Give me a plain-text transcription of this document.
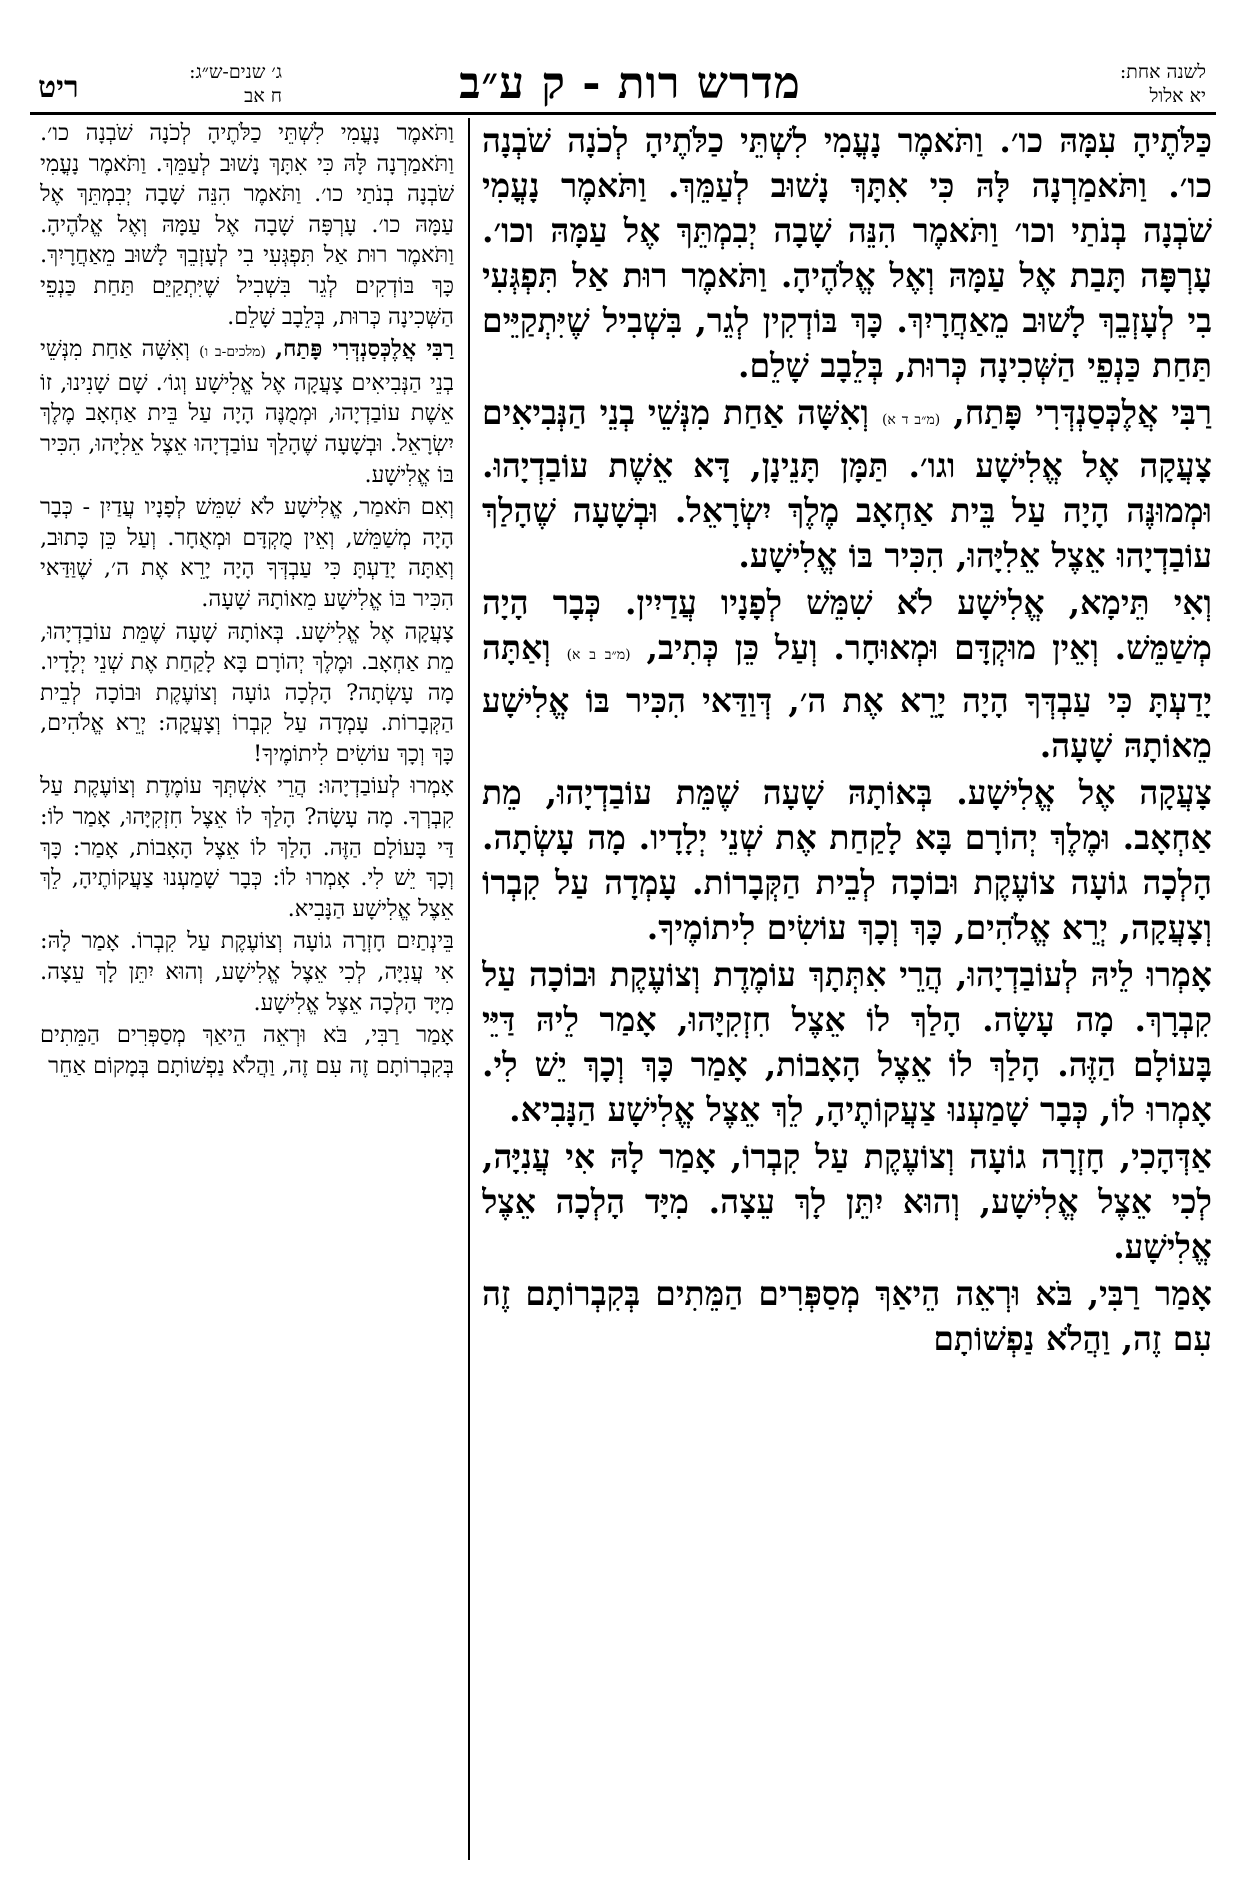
ריט	ג׳ שנים-ש״ג:
ח אב	מדרש רות - ק ע״ב	לשנה אחת:
יא אלול

כַּלֹּתֶיהָ עִמָּהּ כו׳. וַתֹּאמֶר נָעֳמִי לִשְׁתֵּי כַלֹּתֶיהָ לְכֹנָה שֹׁבְנָה כו׳. וַתֹּאמַרְנָה לָּהּ כִּי אִתָּךְ נָשׁוּב לְעַמֵּךְ. וַתֹּאמֶר נָעֳמִי שֹׁבְנָה בְנֹתַי וכו׳ וַתֹּאמֶר הִנֵּה שָׁבָה יְבִמְתֵּךְ אֶל עַמָּהּ וכו׳. עָרְפָּה תָּבַת אֶל עַמָּהּ וְאֶל אֱלֹהֶיהָ. וַתֹּאמֶר רוּת אַל תִּפְגְּעִי בִי לְעָזְבֵךְ לָשׁוּב מֵאַחֲרָיִךְ. כָּךְ בּוֹדְקִין לְגֵר, בִּשְׁבִיל שֶׁיִּתְקַיֵּים תַּחַת כַּנְפֵי הַשְּׁכִינָה כְּרוּת, בְּלֵבָב שָׁלֵם.

רַבִּי אֲלֶכְּסַנְדְּרִי פָּתַח, (מ״ב ד א) וְאִשָּׁה אַחַת מִנְּשֵׁי בְנֵי הַנְּבִיאִים צָעֲקָה אֶל אֱלִישָׁע וגו׳. תַּמָּן תָּנֵינָן, דָּא אֵשֶׁת עוֹבַדְיָהוּ. וּמְמוּנֶּה הָיָה עַל בֵּית אַחְאָב מֶלֶךְ יִשְׂרָאֵל. וּבְשָׁעָה שֶׁהָלַךְ עוֹבַדְיָהוּ אֵצֶל אֵלִיָּהוּ, הִכִּיר בּוֹ אֱלִישָׁע.

וְאִי תֵּימָא, אֱלִישָׁע לֹא שִׁמֵּשׁ לְפָנָיו עֲדַיִין. כְּבָר הָיָה מְשַׁמֵּשׁ. וְאֵין מוּקְדָּם וּמְאוּחָר. וְעַל כֵּן כְּתִיב, (מ״ב ב א) וְאַתָּה יָדַעְתָּ כִּי עַבְדְּךָ הָיָה יָרֵא אֶת ה׳, דְּוַדַּאי הִכִּיר בּוֹ אֱלִישָׁע מֵאוֹתָהּ שָׁעָה.

צָעֲקָה אֶל אֱלִישָׁע. בְּאוֹתָהּ שָׁעָה שֶׁמֵּת עוֹבַדְיָהוּ, מֵת אַחְאָב. וּמֶלֶךְ יְהוֹרָם בָּא לָקַחַת אֶת שְׁנֵי יְלָדָיו. מָה עָשְׂתָה. הָלְכָה גוֹעָה צוֹעֶקֶת וּבוֹכָה לְבֵית הַקְּבָרוֹת. עָמְדָה עַל קִבְרוֹ וְצָעֲקָה, יְרֵא אֱלֹהִים, כָּךְ וְכָךְ עוֹשִׂים לִיתוֹמֶיךָ.

אָמְרוּ לֵיהּ לְעוֹבַדְיָהוּ, הֲרֵי אִתְּתָךְ עוֹמֶדֶת וְצוֹעֶקֶת וּבוֹכָה עַל קִבְרָךְ. מָה עָשָׂה. הָלַךְ לוֹ אֵצֶל חִזְקִיָּהוּ, אָמַר לֵיהּ דַּיֵּי בָּעוֹלָם הַזֶּה. הָלַךְ לוֹ אֵצֶל הָאָבוֹת, אָמַר כָּךְ וְכָךְ יֵשׁ לִי. אָמְרוּ לוֹ, כְּבָר שָׁמַעְנוּ צַעֲקוֹתֶיהָ, לֵךְ אֵצֶל אֱלִישָׁע הַנָּבִיא.

אַדְּהָכִי, חָזְרָה גוֹעָה וְצוֹעֶקֶת עַל קִבְרוֹ, אָמַר לָהּ אִי עֲנִיָּה, לְכִי אֵצֶל אֱלִישָׁע, וְהוּא יִתֵּן לָךְ עֵצָה. מִיָּד הָלְכָה אֵצֶל אֱלִישָׁע.

אָמַר רַבִּי, בֹּא וּרְאֵה הֵיאַךְ מְסַפְּרִים הַמֵּתִים בְּקִבְרוֹתָם זֶה עִם זֶה, וַהֲלֹא נַפְשׁוֹתָם

וַתֹּאמֶר נָעֳמִי לִשְׁתֵּי כַלֹּתֶיהָ לְכֹנָה שֹׁבְנָה כו׳. וַתֹּאמַרְנָה לָּהּ כִּי אִתָּךְ נָשׁוּב לְעַמֵּךְ. וַתֹּאמֶר נָעֳמִי שֹׁבְנָה בְנֹתַי כו׳. וַתֹּאמֶר הִנֵּה שָׁבָה יְבִמְתֵּךְ אֶל עַמָּהּ כו׳. עָרְפָּה שָׁבָה אֶל עַמָּהּ וְאֶל אֱלֹהֶיהָ. וַתֹּאמֶר רוּת אַל תִּפְגְּעִי בִי לְעָזְבֵךְ לָשׁוּב מֵאַחֲרָיִךְ. כָּךְ בּוֹדְקִים לְגֵר בִּשְׁבִיל שֶׁיִּתְקַיֵּם תַּחַת כַּנְפֵי הַשְּׁכִינָה כְּרוּת, בְּלֵבָב שָׁלֵם.

רַבִּי אֲלֶכְּסַנְדְּרִי פָּתַח, (מלכים-ב ו) וְאִשָּׁה אַחַת מִנְּשֵׁי בְנֵי הַנְּבִיאִים צָעֲקָה אֶל אֱלִישָׁע וְגוֹ׳. שָׁם שָׁנִינוּ, זוֹ אֵשֶׁת עוֹבַדְיָהוּ, וּמְמֻנֶּה הָיָה עַל בֵּית אַחְאָב מֶלֶךְ יִשְׂרָאֵל. וּבְשָׁעָה שֶׁהָלַךְ עוֹבַדְיָהוּ אֵצֶל אֵלִיָּהוּ, הִכִּיר בּוֹ אֱלִישָׁע.

וְאִם תֹּאמַר, אֱלִישָׁע לֹא שִׁמֵּשׁ לְפָנָיו עֲדַיִן - כְּבָר הָיָה מְשַׁמֵּשׁ, וְאֵין מֻקְדָּם וּמְאֻחָר. וְעַל כֵּן כָּתוּב, וְאַתָּה יָדַעְתָּ כִּי עַבְדְּךָ הָיָה יָרֵא אֶת ה׳, שֶׁוַּדַּאי הִכִּיר בּוֹ אֱלִישָׁע מֵאוֹתָהּ שָׁעָה.

צָעֲקָה אֶל אֱלִישָׁע. בְּאוֹתָהּ שָׁעָה שֶׁמֵּת עוֹבַדְיָהוּ, מֵת אַחְאָב. וּמֶלֶךְ יְהוֹרָם בָּא לָקַחַת אֶת שְׁנֵי יְלָדָיו. מָה עָשְׂתָה? הָלְכָה גוֹעָה וְצוֹעֶקֶת וּבוֹכָה לְבֵית הַקְּבָרוֹת. עָמְדָה עַל קִבְרוֹ וְצָעֲקָה: יְרֵא אֱלֹהִים, כָּךְ וְכָךְ עוֹשִׂים לִיתוֹמֶיךָ!

אָמְרוּ לְעוֹבַדְיָהוּ: הֲרֵי אִשְׁתְּךָ עוֹמֶדֶת וְצוֹעֶקֶת עַל קִבְרְךָ. מָה עָשָׂה? הָלַךְ לוֹ אֵצֶל חִזְקִיָּהוּ, אָמַר לוֹ: דַּי בָּעוֹלָם הַזֶּה. הָלַךְ לוֹ אֵצֶל הָאָבוֹת, אָמַר: כָּךְ וְכָךְ יֵשׁ לִי. אָמְרוּ לוֹ: כְּבָר שָׁמַעְנוּ צַעֲקוֹתֶיהָ, לֵךְ אֵצֶל אֱלִישָׁע הַנָּבִיא.

בֵּינְתַיִם חָזְרָה גוֹעָה וְצוֹעֶקֶת עַל קִבְרוֹ. אָמַר לָהּ: אִי עֲנִיָּה, לְכִי אֵצֶל אֱלִישָׁע, וְהוּא יִתֵּן לָךְ עֵצָה. מִיָּד הָלְכָה אֵצֶל אֱלִישָׁע.

אָמַר רַבִּי, בֹּא וּרְאֵה הֵיאַךְ מְסַפְּרִים הַמֵּתִים בְּקִבְרוֹתָם זֶה עִם זֶה, וַהֲלֹא נַפְשׁוֹתָם בְּמָקוֹם אַחֵר
